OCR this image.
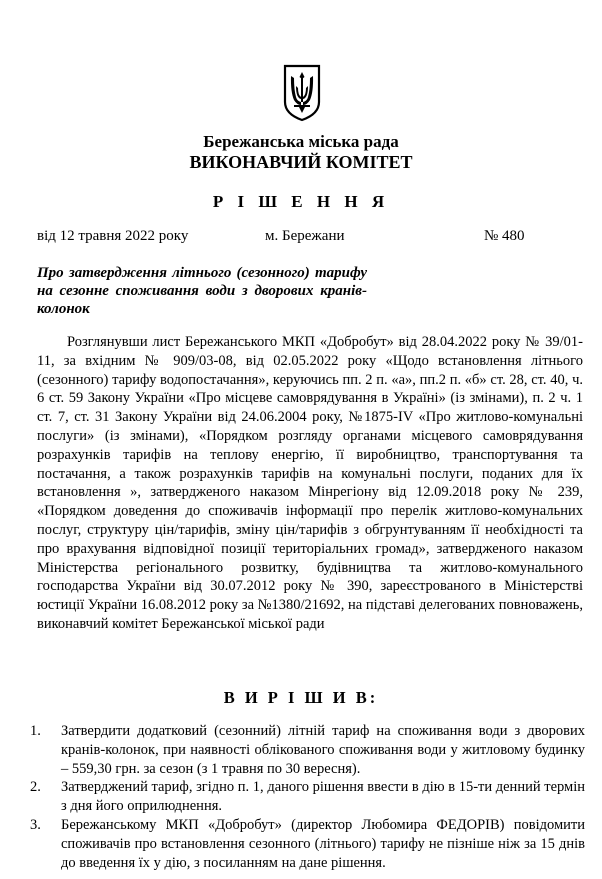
Бережанська міська рада
ВИКОНАВЧИЙ КОМІТЕТ
Р І Ш Е Н Н Я
від 12 травня 2022 року	м. Бережани	№ 480
Про затвердження літнього (сезонного) тарифу на сезонне споживання води з дворових кранів-колонок

Розглянувши лист Бережанського МКП «Добробут» від 28.04.2022 року № 39/01-11, за вхідним № 909/03-08, від 02.05.2022 року «Щодо встановлення літнього (сезонного) тарифу водопостачання», керуючись пп. 2 п. «а», пп.2 п. «б» ст. 28, ст. 40, ч. 6 ст. 59 Закону України «Про місцеве самоврядування в Україні» (із змінами), п. 2 ч. 1 ст. 7, ст. 31 Закону України від 24.06.2004 року, №1875-IV «Про житлово-комунальні послуги» (із змінами), «Порядком розгляду органами місцевого самоврядування розрахунків тарифів на теплову енергію, її виробництво, транспортування та постачання, а також розрахунків тарифів на комунальні послуги, поданих для їх встановлення », затвердженого наказом Мінрегіону від 12.09.2018 року № 239, «Порядком доведення до споживачів інформації про перелік житлово-комунальних послуг, структуру цін/тарифів, зміну цін/тарифів з обгрунтуванням її необхідності та про врахування відповідної позиції територіальних громад», затвердженого наказом Міністерства регіонального розвитку, будівництва та житлово-комунального господарства України від 30.07.2012 року № 390, зареєстрованого в Міністерстві юстиції України 16.08.2012 року за №1380/21692, на підставі делегованих повноважень, виконавчий комітет Бережанської міської ради

В И Р І Ш И В:
1. Затвердити додатковий (сезонний) літній тариф на споживання води з дворових кранів-колонок, при наявності облікованого споживання води у житловому будинку – 559,30 грн. за сезон (з 1 травня по 30 вересня).
2. Затверджений тариф, згідно п. 1, даного рішення ввести в дію в 15-ти денний термін з дня його оприлюднення.
3. Бережанському МКП «Добробут» (директор Любомира ФЕДОРІВ) повідомити споживачів про встановлення сезонного (літнього) тарифу не пізніше ніж за 15 днів до введення їх у дію, з посиланням на дане рішення.
